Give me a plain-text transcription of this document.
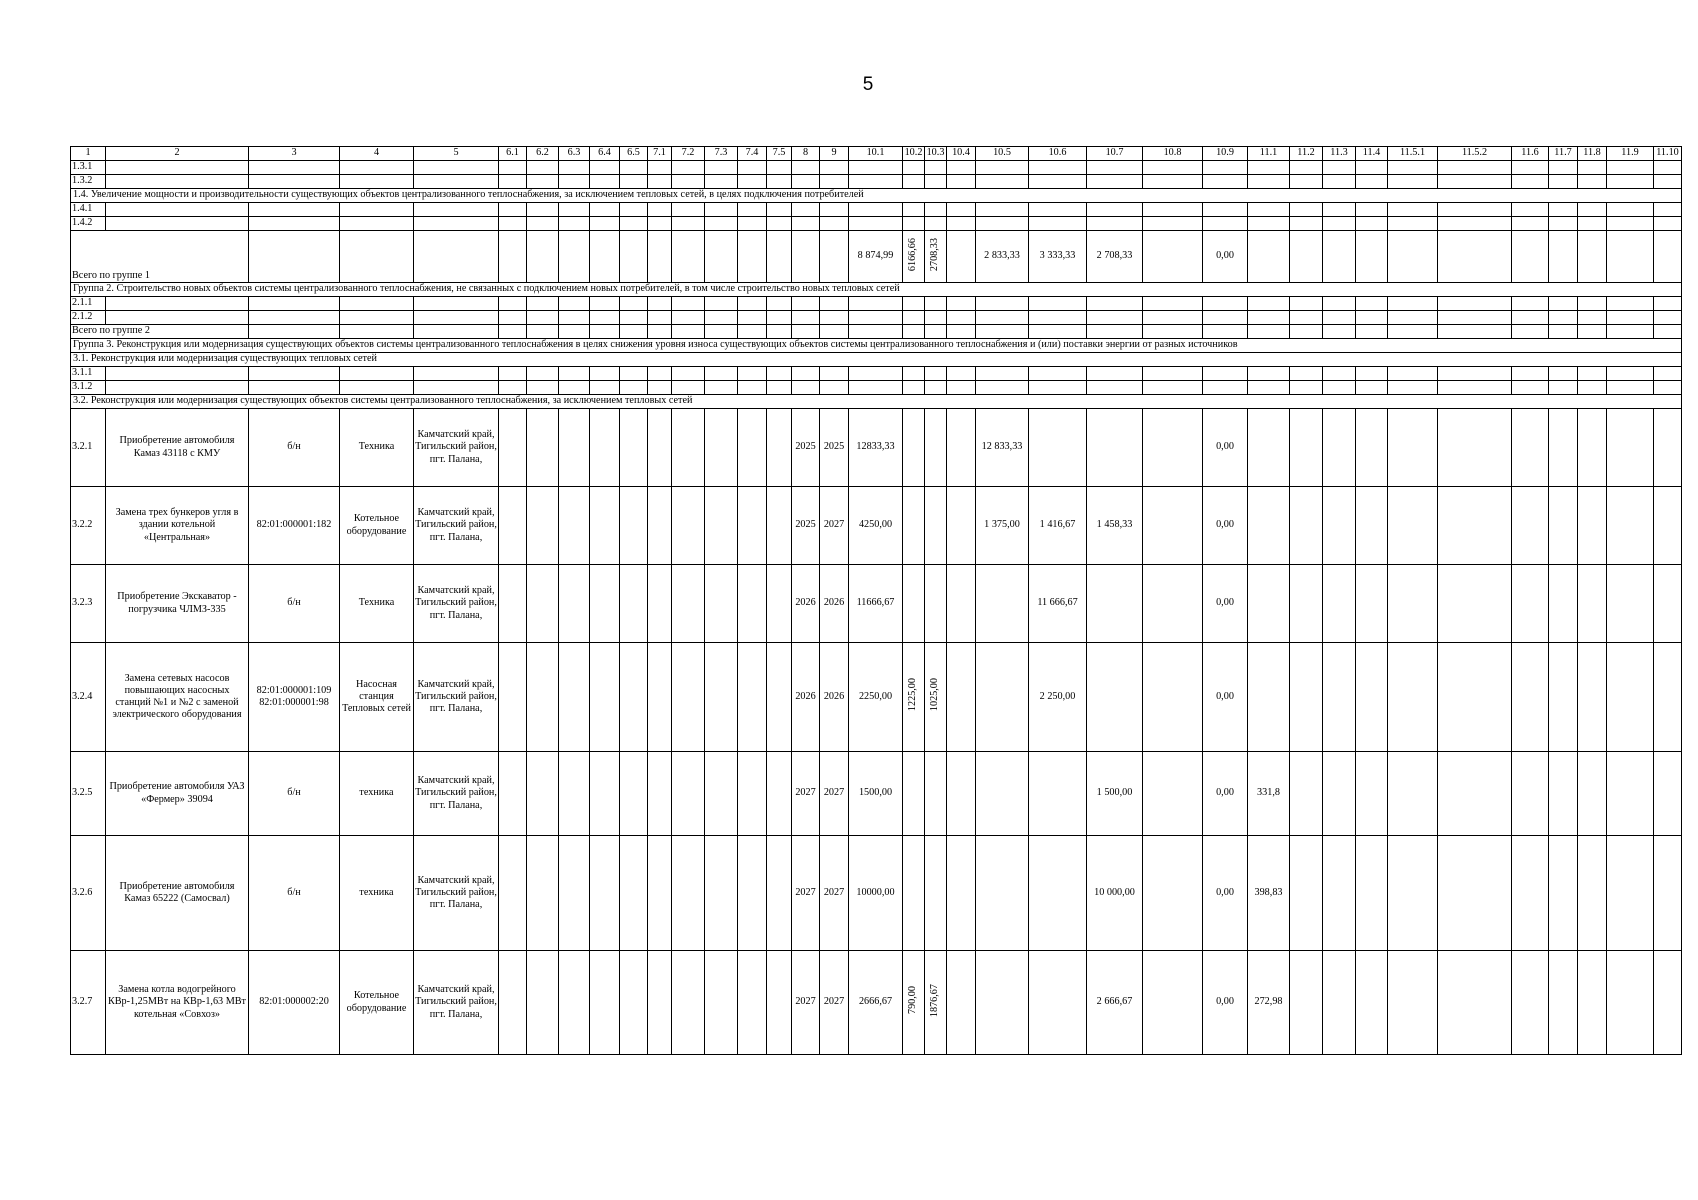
5
1	2	3	4	5	6.1	6.2	6.3	6.4	6.5	7.1	7.2	7.3	7.4	7.5	8	9	10.1	10.2	10.3	10.4	10.5	10.6	10.7	10.8	10.9	11.1	11.2	11.3	11.4	11.5.1	11.5.2	11.6	11.7	11.8	11.9	11.10
1.3.1																																				
1.3.2																																				
1.4. Увеличение мощности и производительности существующих объектов централизованного теплоснабжения, за исключением тепловых сетей, в целях подключения потребителей																																				
1.4.1																																				
1.4.2																																				
Всего по группе 1																	8 874,99	6166,66	2708,33		2 833,33	3 333,33	2 708,33		0,00											
Группа 2. Строительство новых объектов системы централизованного теплоснабжения, не связанных с подключением новых потребителей, в том числе строительство новых тепловых сетей																																				
2.1.1																																				
2.1.2																																				
Всего по группе 2																																				
Группа 3. Реконструкция или модернизация существующих объектов системы централизованного теплоснабжения в целях снижения уровня износа существующих объектов системы централизованного теплоснабжения и (или) поставки энергии от разных источников																																				
3.1. Реконструкция или модернизация существующих тепловых сетей																																				
3.1.1																																				
3.1.2																																				
3.2. Реконструкция или модернизация существующих объектов системы централизованного теплоснабжения, за исключением тепловых сетей																																				
3.2.1	Приобретение автомобиля Камаз 43118 с КМУ	б/н	Техника	Камчатский край, Тигильский район, пгт. Палана,											2025	2025	12833,33				12 833,33				0,00											
3.2.2	Замена трех бункеров угля в здании котельной «Центральная»	82:01:000001:182	Котельное оборудование	Камчатский край, Тигильский район, пгт. Палана,											2025	2027	4250,00				1 375,00	1 416,67	1 458,33		0,00											
3.2.3	Приобретение Экскаватор - погрузчика ЧЛМЗ-335	б/н	Техника	Камчатский край, Тигильский район, пгт. Палана,											2026	2026	11666,67					11 666,67			0,00											
3.2.4	Замена сетевых насосов повышающих насосных станций №1 и №2 с заменой электрического оборудования	82:01:000001:109 82:01:000001:98	Насосная станция Тепловых сетей	Камчатский край, Тигильский район, пгт. Палана,											2026	2026	2250,00	1225,00	1025,00			2 250,00			0,00											
3.2.5	Приобретение автомобиля УАЗ «Фермер» 39094	б/н	техника	Камчатский край, Тигильский район, пгт. Палана,											2027	2027	1500,00						1 500,00		0,00	331,8										
3.2.6	Приобретение автомобиля Камаз 65222 (Самосвал)	б/н	техника	Камчатский край, Тигильский район, пгт. Палана,											2027	2027	10000,00						10 000,00		0,00	398,83										
3.2.7	Замена котла водогрейного КВр-1,25МВт на КВр-1,63 МВт котельная «Совхоз»	82:01:000002:20	Котельное оборудование	Камчатский край, Тигильский район, пгт. Палана,											2027	2027	2666,67	790,00	1876,67				2 666,67		0,00	272,98										
